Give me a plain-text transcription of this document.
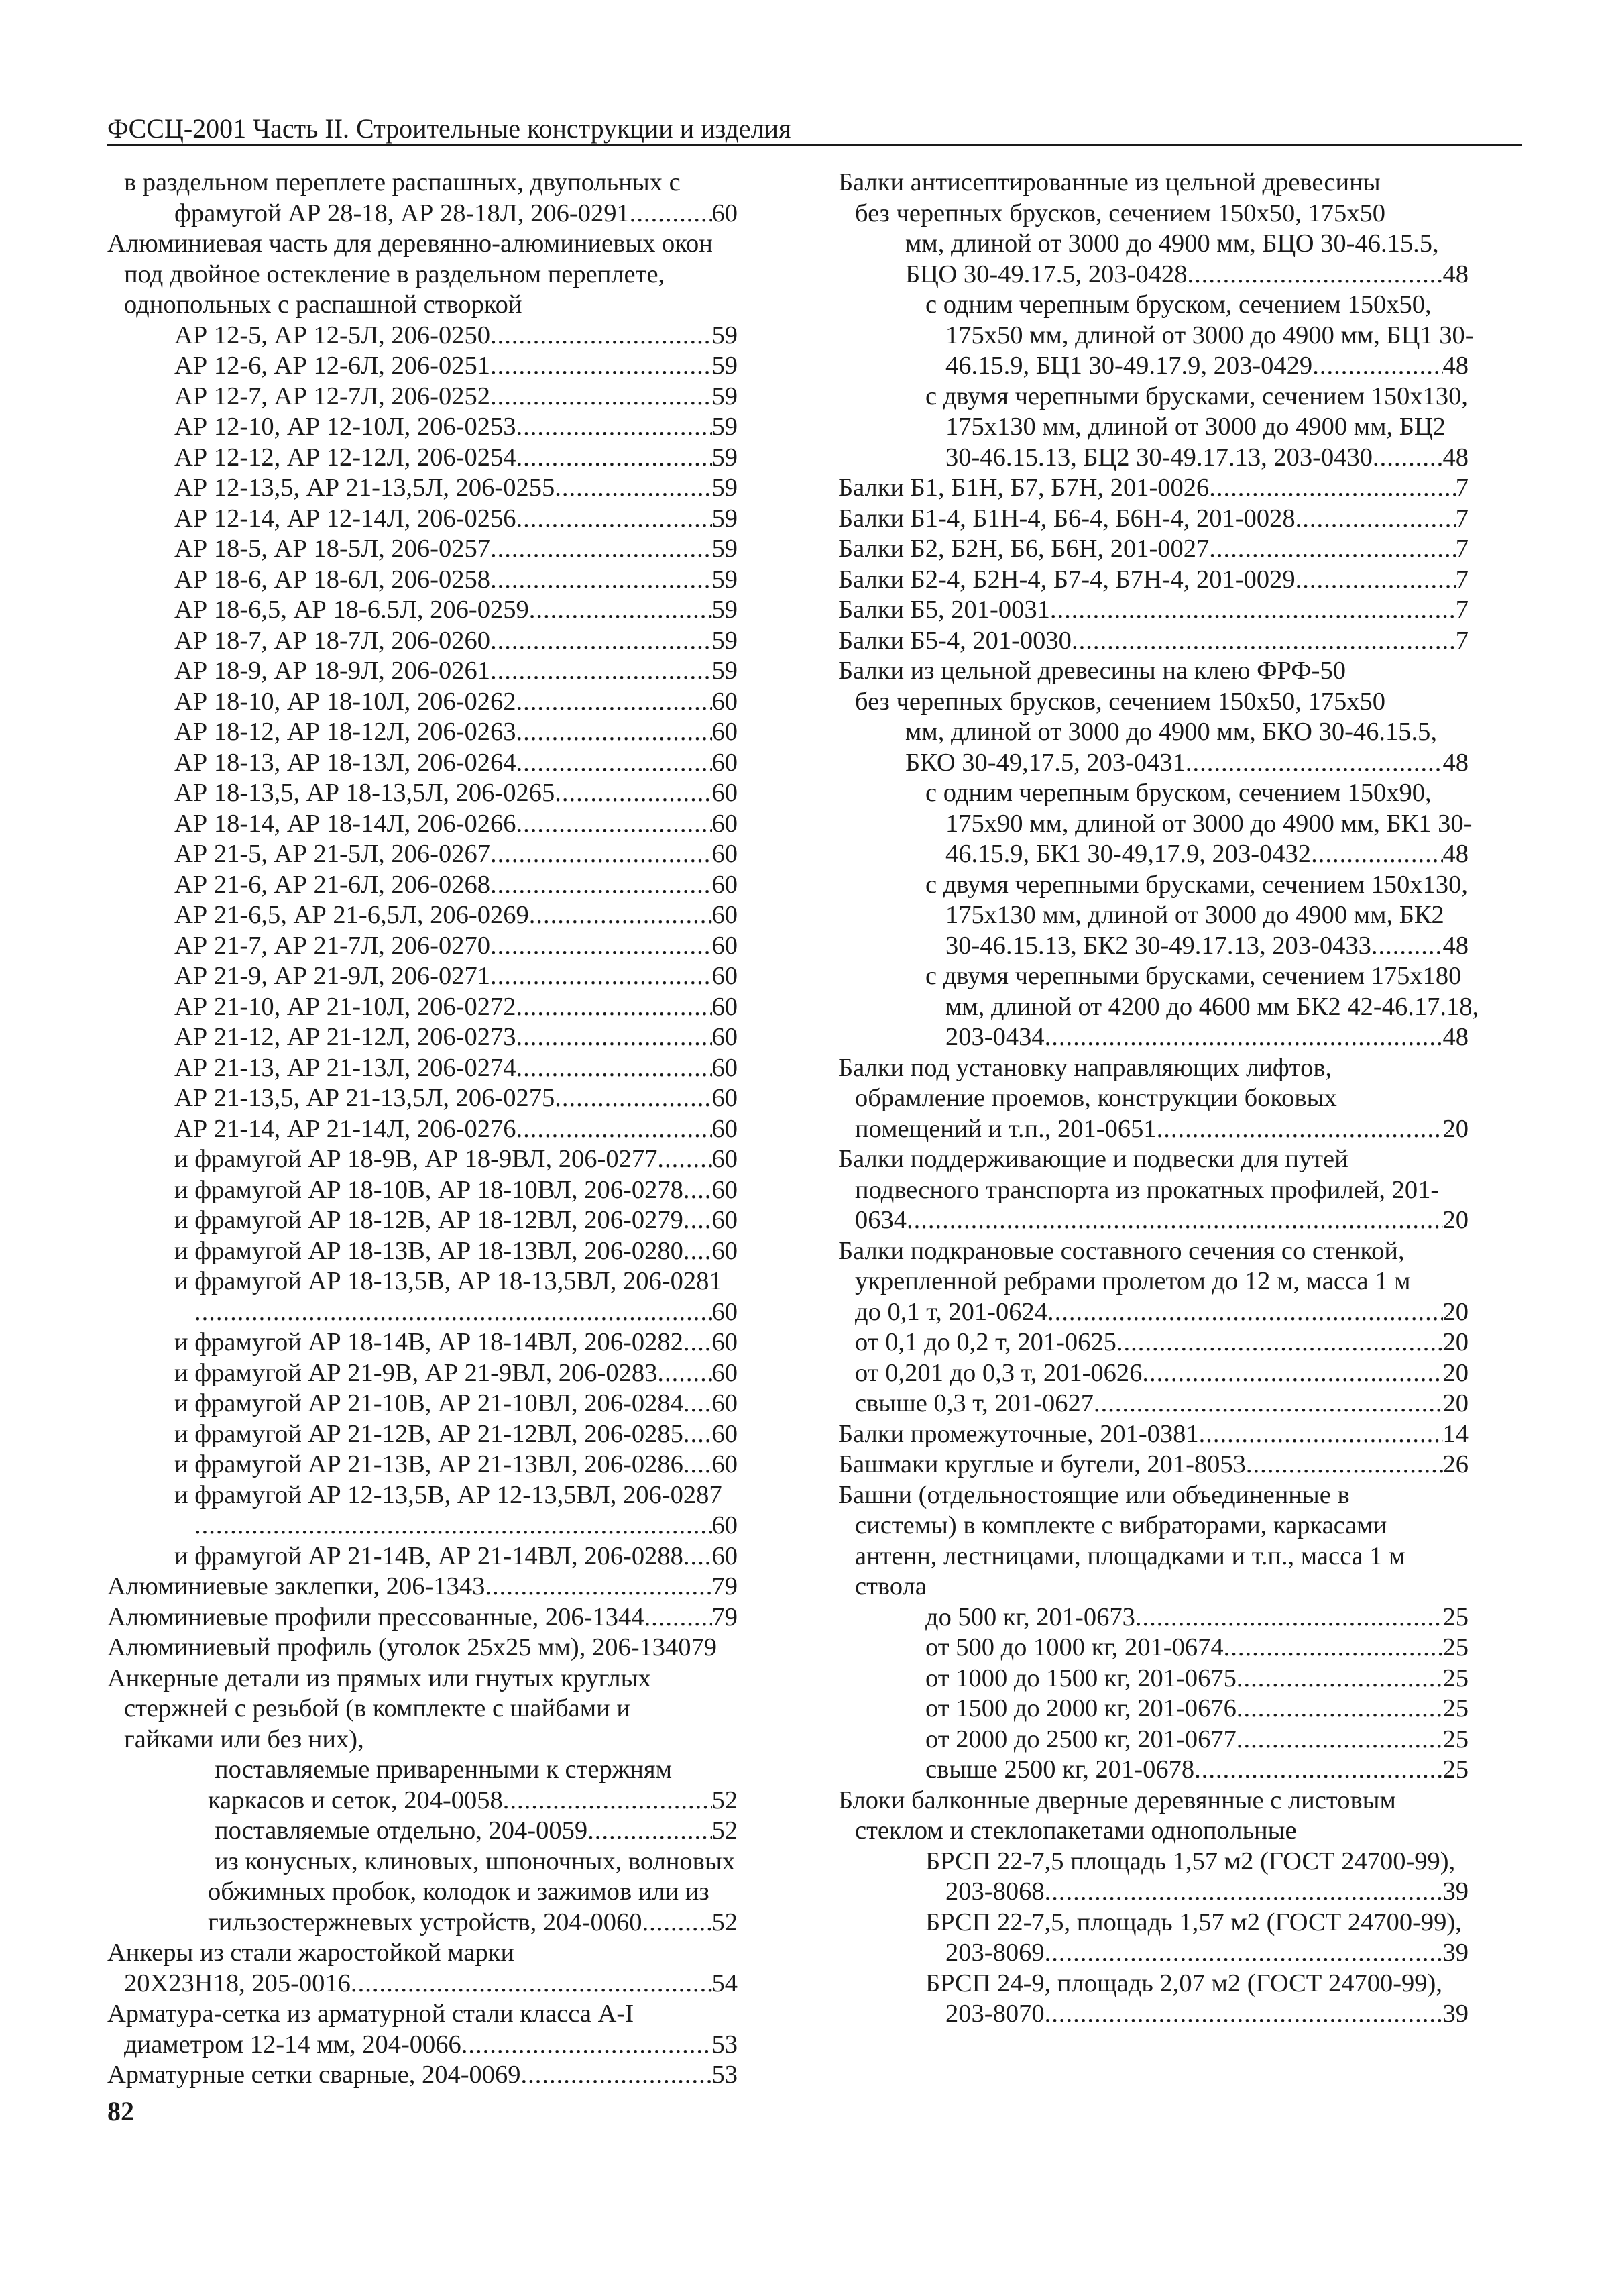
ФССЦ-2001 Часть II. Строительные конструкции и изделия
в раздельном переплете распашных, двупольных с
фрамугой АР 28-18, АР 28-18Л, 206-0291 .....	60
Алюминиевая часть для деревянно-алюминиевых окон
под двойное остекление в раздельном переплете,
однопольных с распашной створкой
АР 12-5, АР 12-5Л, 206-0250 .....	59
АР 12-6, АР 12-6Л, 206-0251 .....	59
АР 12-7, АР 12-7Л, 206-0252 .....	59
АР 12-10, АР 12-10Л, 206-0253 .....	59
АР 12-12, АР 12-12Л, 206-0254 .....	59
АР 12-13,5, АР 21-13,5Л, 206-0255 .....	59
АР 12-14, АР 12-14Л, 206-0256 .....	59
АР 18-5, АР 18-5Л, 206-0257 .....	59
АР 18-6, АР 18-6Л, 206-0258 .....	59
АР 18-6,5, АР 18-6.5Л, 206-0259 .....	59
АР 18-7, АР 18-7Л, 206-0260 .....	59
АР 18-9, АР 18-9Л, 206-0261 .....	59
АР 18-10, АР 18-10Л, 206-0262 .....	60
АР 18-12, АР 18-12Л, 206-0263 .....	60
АР 18-13, АР 18-13Л, 206-0264 .....	60
АР 18-13,5, АР 18-13,5Л, 206-0265 .....	60
АР 18-14, АР 18-14Л, 206-0266 .....	60
АР 21-5, АР 21-5Л, 206-0267 .....	60
АР 21-6, АР 21-6Л, 206-0268 .....	60
АР 21-6,5, АР 21-6,5Л, 206-0269 .....	60
АР 21-7, АР 21-7Л, 206-0270 .....	60
АР 21-9, АР 21-9Л, 206-0271 .....	60
АР 21-10, АР 21-10Л, 206-0272 .....	60
АР 21-12, АР 21-12Л, 206-0273 .....	60
АР 21-13, АР 21-13Л, 206-0274 .....	60
АР 21-13,5, АР 21-13,5Л, 206-0275 .....	60
АР 21-14, АР 21-14Л, 206-0276 .....	60
и фрамугой АР 18-9В, АР 18-9ВЛ, 206-0277 ..... 60
и фрамугой АР 18-10В, АР 18-10ВЛ, 206-0278 ..... 60
и фрамугой АР 18-12В, АР 18-12ВЛ, 206-0279 ..... 60
и фрамугой АР 18-13В, АР 18-13ВЛ, 206-0280 ..... 60
и фрамугой АР 18-13,5В, АР 18-13,5ВЛ, 206-0281
.....
60
и фрамугой АР 18-14В, АР 18-14ВЛ, 206-0282 ..... 60
и фрамугой АР 21-9В, АР 21-9ВЛ, 206-0283 ..... 60
и фрамугой АР 21-10В, АР 21-10ВЛ, 206-0284 ..... 60
и фрамугой АР 21-12В, АР 21-12ВЛ, 206-0285 ..... 60
и фрамугой АР 21-13В, АР 21-13ВЛ, 206-0286 ..... 60
и фрамугой АР 12-13,5В, АР 12-13,5ВЛ, 206-0287
.....
60
и фрамугой АР 21-14В, АР 21-14ВЛ, 206-0288 ..... 60
Алюминиевые заклепки, 206-1343 .....	79
Алюминиевые профили прессованные, 206-1344 .....	79
Алюминиевый профиль (уголок 25х25 мм), 206-134079
Анкерные детали из прямых или гнутых круглых
стержней с резьбой (в комплекте с шайбами и
гайками или без них),
поставляемые приваренными к стержням
каркасов и сеток, 204-0058 .....	52
поставляемые отдельно, 204-0059 .....	52
из конусных, клиновых, шпоночных, волновых
обжимных пробок, колодок и зажимов или из
гильзостержневых устройств, 204-0060 .....	52
Анкеры из стали жаростойкой марки
20Х23Н18, 205-0016 .....	54
Арматура-сетка из арматурной стали класса А-I
диаметром 12-14 мм, 204-0066 .....	53
Арматурные сетки сварные, 204-0069 .....	53
Балки антисептированные из цельной древесины
без черепных брусков, сечением 150х50, 175х50
мм, длиной от 3000 до 4900 мм, БЦО 30-46.15.5,
БЦО 30-49.17.5, 203-0428 .....	48
с одним черепным бруском, сечением 150х50,
175х50 мм, длиной от 3000 до 4900 мм, БЦ1 30-
46.15.9, БЦ1 30-49.17.9, 203-0429 .....	48
с двумя черепными брусками, сечением 150х130,
175х130 мм, длиной от 3000 до 4900 мм, БЦ2
30-46.15.13, БЦ2 30-49.17.13, 203-0430 .....	48
Балки Б1, Б1Н, Б7, Б7Н, 201-0026 .....	7
Балки Б1-4, Б1Н-4, Б6-4, Б6Н-4, 201-0028 .....	7
Балки Б2, Б2Н, Б6, Б6Н, 201-0027 .....	7
Балки Б2-4, Б2Н-4, Б7-4, Б7Н-4, 201-0029 .....	7
Балки Б5, 201-0031 .....	7
Балки Б5-4, 201-0030 .....	7
Балки из цельной древесины на клею ФРФ-50
без черепных брусков, сечением 150х50, 175х50
мм, длиной от 3000 до 4900 мм, БКО 30-46.15.5,
БКО 30-49,17.5, 203-0431 .....	48
с одним черепным бруском, сечением 150х90,
175х90 мм, длиной от 3000 до 4900 мм, БК1 30-
46.15.9, БК1 30-49,17.9, 203-0432 .....	48
с двумя черепными брусками, сечением 150х130,
175х130 мм, длиной от 3000 до 4900 мм, БК2
30-46.15.13, БК2 30-49.17.13, 203-0433 .....	48
с двумя черепными брусками, сечением 175х180
мм, длиной от 4200 до 4600 мм БК2 42-46.17.18,
203-0434 .....	48
Балки под установку направляющих лифтов,
обрамление проемов, конструкции боковых
помещений и т.п., 201-0651 .....	20
Балки поддерживающие и подвески для путей
подвесного транспорта из прокатных профилей, 201-
0634 .....	20
Балки подкрановые составного сечения со стенкой,
укрепленной ребрами пролетом до 12 м, масса 1 м
до 0,1 т, 201-0624 .....	20
от 0,1 до 0,2 т, 201-0625 .....	20
от 0,201 до 0,3 т, 201-0626 .....	20
свыше 0,3 т, 201-0627 .....	20
Балки промежуточные, 201-0381 .....	14
Башмаки круглые и бугели, 201-8053 .....	26
Башни (отдельностоящие или объединенные в
системы) в комплекте с вибраторами, каркасами
антенн, лестницами, площадками и т.п., масса 1 м
ствола
до 500 кг, 201-0673 .....	25
от 500 до 1000 кг, 201-0674 .....	25
от 1000 до 1500 кг, 201-0675 .....	25
от 1500 до 2000 кг, 201-0676 .....	25
от 2000 до 2500 кг, 201-0677 .....	25
свыше 2500 кг, 201-0678 .....	25
Блоки балконные дверные деревянные с листовым
стеклом и стеклопакетами однопольные
БРСП 22-7,5 площадь 1,57 м2 (ГОСТ 24700-99),
203-8068 .....	39
БРСП 22-7,5, площадь 1,57 м2 (ГОСТ 24700-99),
203-8069 .....	39
БРСП 24-9, площадь 2,07 м2 (ГОСТ 24700-99),
203-8070 .....	39
82
